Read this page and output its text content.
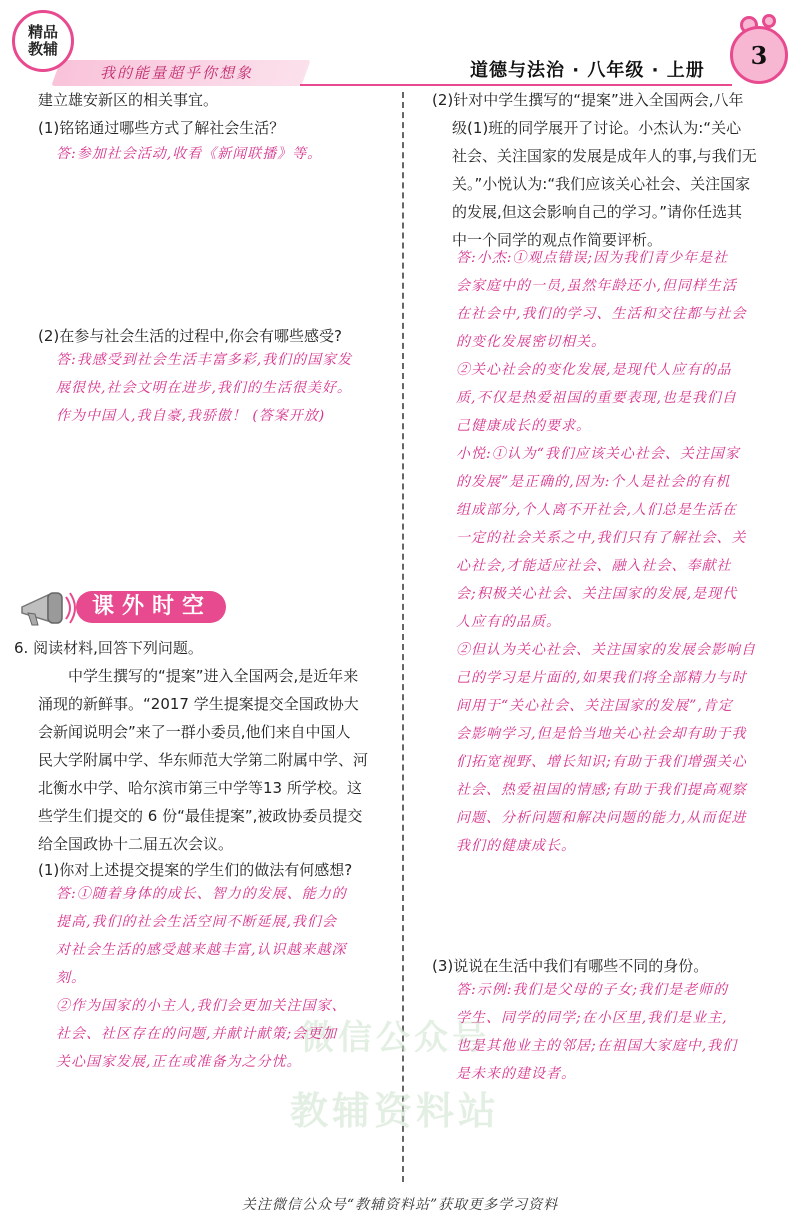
我的能量超乎你想象
精品
教辅
道德与法治 · 八年级 · 上册
3
微信公众号
教辅资料站
建立雄安新区的相关事宜。
(1)铭铭通过哪些方式了解社会生活？
答:参加社会活动,收看《新闻联播》等。
(2)在参与社会生活的过程中,你会有哪些感受?
答:我感受到社会生活丰富多彩,我们的国家发
展很快,社会文明在进步,我们的生活很美好。
作为中国人,我自豪,我骄傲！ (答案开放)
课外时空
6. 阅读材料,回答下列问题。
　　中学生撰写的“提案”进入全国两会,是近年来
涌现的新鲜事。“2017 学生提案提交全国政协大
会新闻说明会”来了一群小委员,他们来自中国人
民大学附属中学、华东师范大学第二附属中学、河
北衡水中学、哈尔滨市第三中学等13 所学校。这
些学生们提交的 6 份“最佳提案”,被政协委员提交
给全国政协十二届五次会议。
(1)你对上述提交提案的学生们的做法有何感想?
答:①随着身体的成长、智力的发展、能力的
提高,我们的社会生活空间不断延展,我们会
对社会生活的感受越来越丰富,认识越来越深
刻。
②作为国家的小主人,我们会更加关注国家、
社会、社区存在的问题,并献计献策;会更加
关心国家发展,正在或准备为之分忧。
(2)针对中学生撰写的“提案”进入全国两会,八年
级(1)班的同学展开了讨论。小杰认为:“关心
社会、关注国家的发展是成年人的事,与我们无
关。”小悦认为:“我们应该关心社会、关注国家
的发展,但这会影响自己的学习。”请你任选其
中一个同学的观点作简要评析。
答:小杰:①观点错误;因为我们青少年是社
会家庭中的一员,虽然年龄还小,但同样生活
在社会中,我们的学习、生活和交往都与社会
的变化发展密切相关。
②关心社会的变化发展,是现代人应有的品
质,不仅是热爱祖国的重要表现,也是我们自
己健康成长的要求。
小悦:①认为“我们应该关心社会、关注国家
的发展”是正确的,因为:个人是社会的有机
组成部分,个人离不开社会,人们总是生活在
一定的社会关系之中,我们只有了解社会、关
心社会,才能适应社会、融入社会、奉献社
会;积极关心社会、关注国家的发展,是现代
人应有的品质。
②但认为关心社会、关注国家的发展会影响自
己的学习是片面的,如果我们将全部精力与时
间用于“关心社会、关注国家的发展”,肯定
会影响学习,但是恰当地关心社会却有助于我
们拓宽视野、增长知识;有助于我们增强关心
社会、热爱祖国的情感;有助于我们提高观察
问题、分析问题和解决问题的能力,从而促进
我们的健康成长。
(3)说说在生活中我们有哪些不同的身份。
答:示例:我们是父母的子女;我们是老师的
学生、同学的同学;在小区里,我们是业主,
也是其他业主的邻居;在祖国大家庭中,我们
是未来的建设者。
关注微信公众号“教辅资料站”获取更多学习资料
